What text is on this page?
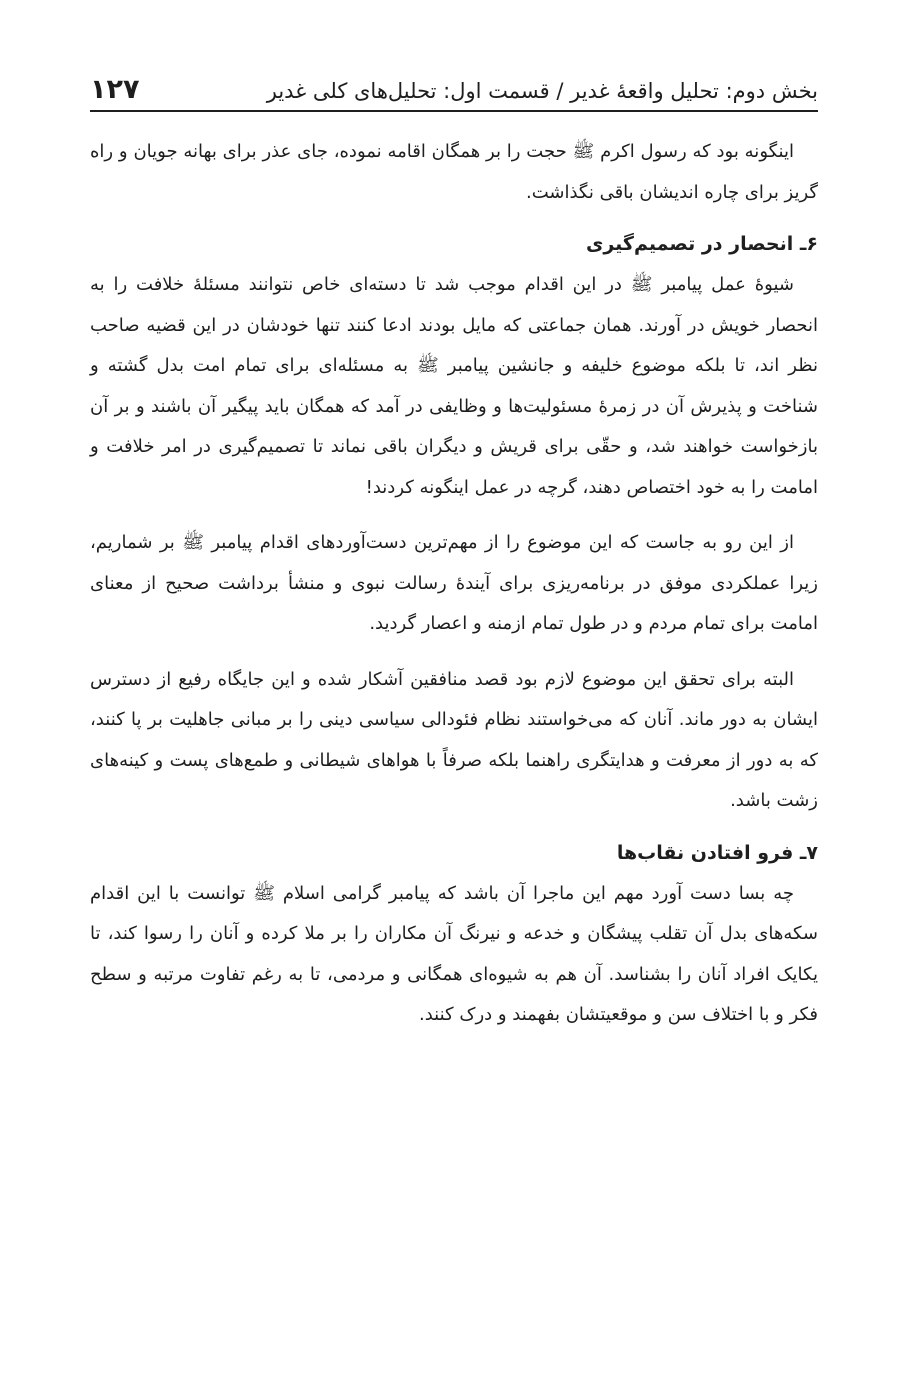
بخش دوم: تحلیل واقعهٔ غدیر / قسمت اول: تحلیل‌های کلی غدیر
۱۲۷

اینگونه بود که رسول اکرم ﷺ حجت را بر همگان اقامه نموده، جای عذر برای بهانه جویان و راه گریز برای چاره اندیشان باقی نگذاشت.

۶ـ انحصار در تصمیم‌گیری

شیوهٔ عمل پیامبر ﷺ در این اقدام موجب شد تا دسته‌ای خاص نتوانند مسئلهٔ خلافت را به انحصار خویش در آورند. همان جماعتی که مایل بودند ادعا کنند تنها خودشان در این قضیه صاحب نظر اند، تا بلکه موضوع خلیفه و جانشین پیامبر ﷺ به مسئله‌ای برای تمام امت بدل گشته و شناخت و پذیرش آن در زمرهٔ مسئولیت‌ها و وظایفی در آمد که همگان باید پیگیر آن باشند و بر آن بازخواست خواهند شد، و حقّی برای قریش و دیگران باقی نماند تا تصمیم‌گیری در امر خلافت و امامت را به خود اختصاص دهند، گرچه در عمل اینگونه کردند!

از این رو به جاست که این موضوع را از مهم‌ترین دست‌آوردهای اقدام پیامبر ﷺ بر شماریم، زیرا عملکردی موفق در برنامه‌ریزی برای آیندهٔ رسالت نبوی و منشأ برداشت صحیح از معنای امامت برای تمام مردم و در طول تمام ازمنه و اعصار گردید.

البته برای تحقق این موضوع لازم بود قصد منافقین آشکار شده و این جایگاه رفیع از دسترس ایشان به دور ماند. آنان که می‌خواستند نظام فئودالی سیاسی دینی را بر مبانی جاهلیت بر پا کنند، که به دور از معرفت و هدایتگری راهنما بلکه صرفاً با هواهای شیطانی و طمع‌های پست و کینه‌های زشت باشد.

۷ـ فرو افتادن نقاب‌ها

چه بسا دست آورد مهم این ماجرا آن باشد که پیامبر گرامی اسلام ﷺ توانست با این اقدام سکه‌های بدل آن تقلب پیشگان و خدعه و نیرنگ آن مکاران را بر ملا کرده و آنان را رسوا کند، تا یکایک افراد آنان را بشناسد. آن هم به شیوه‌ای همگانی و مردمی، تا به رغم تفاوت مرتبه و سطح فکر و با اختلاف سن و موقعیتشان بفهمند و درک کنند.
